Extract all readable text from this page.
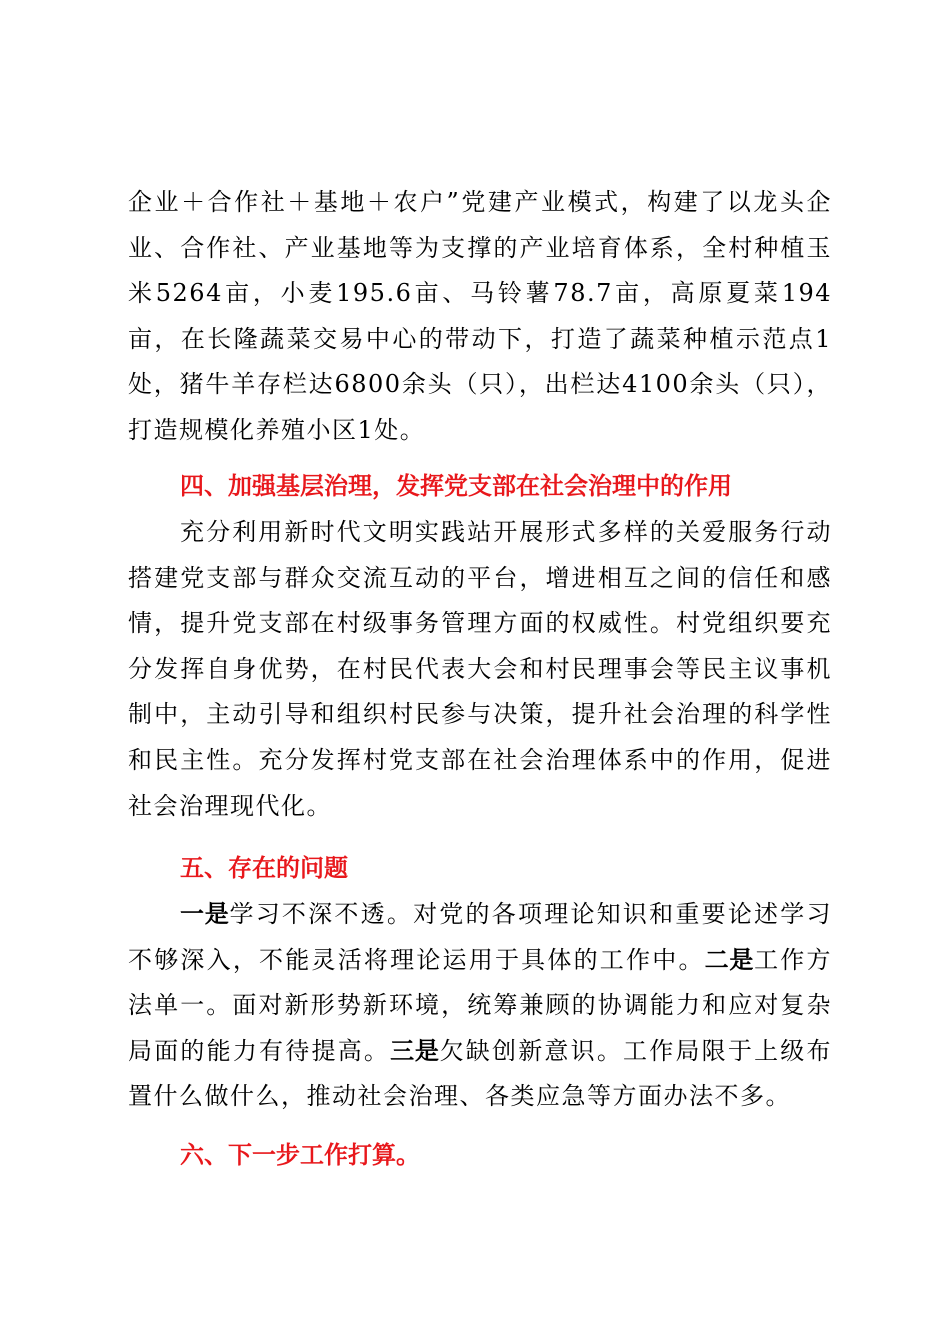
企业＋合作社＋基地＋农户”党建产业模式，构建了以龙头企业、合作社、产业基地等为支撑的产业培育体系，全村种植玉米5264亩，小麦195.6亩、马铃薯78.7亩，高原夏菜194亩，在长隆蔬菜交易中心的带动下，打造了蔬菜种植示范点1处，猪牛羊存栏达6800余头（只），出栏达4100余头（只），打造规模化养殖小区1处。

四、加强基层治理，发挥党支部在社会治理中的作用

充分利用新时代文明实践站开展形式多样的关爱服务行动搭建党支部与群众交流互动的平台，增进相互之间的信任和感情，提升党支部在村级事务管理方面的权威性。村党组织要充分发挥自身优势，在村民代表大会和村民理事会等民主议事机制中，主动引导和组织村民参与决策，提升社会治理的科学性和民主性。充分发挥村党支部在社会治理体系中的作用，促进社会治理现代化。

五、存在的问题

一是学习不深不透。对党的各项理论知识和重要论述学习不够深入，不能灵活将理论运用于具体的工作中。二是工作方法单一。面对新形势新环境，统筹兼顾的协调能力和应对复杂局面的能力有待提高。三是欠缺创新意识。工作局限于上级布置什么做什么，推动社会治理、各类应急等方面办法不多。

六、下一步工作打算。
